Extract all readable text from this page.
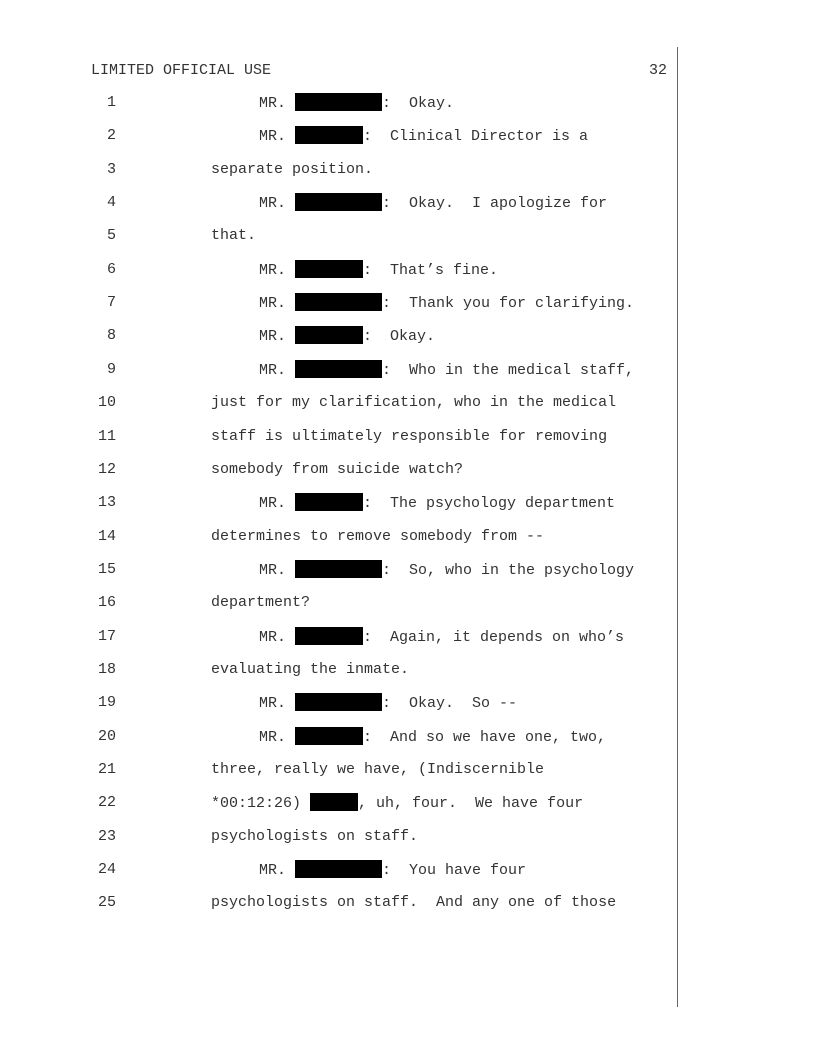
LIMITED OFFICIAL USE	32
1	MR.	:  Okay.
2	MR.	:  Clinical Director is a
3	separate position.
4	MR.	:  Okay.  I apologize for
5	that.
6	MR.	:  That’s fine.
7	MR.	:  Thank you for clarifying.
8	MR.	:  Okay.
9	MR.	:  Who in the medical staff,
10	just for my clarification, who in the medical
11	staff is ultimately responsible for removing
12	somebody from suicide watch?
13	MR.	:  The psychology department
14	determines to remove somebody from --
15	MR.	:  So, who in the psychology
16	department?
17	MR.	:  Again, it depends on who’s
18	evaluating the inmate.
19	MR.	:  Okay.  So --
20	MR.	:  And so we have one, two,
21	three, really we have, (Indiscernible
22	*00:12:26)	, uh, four.  We have four
23	psychologists on staff.
24	MR.	:  You have four
25	psychologists on staff.  And any one of those
